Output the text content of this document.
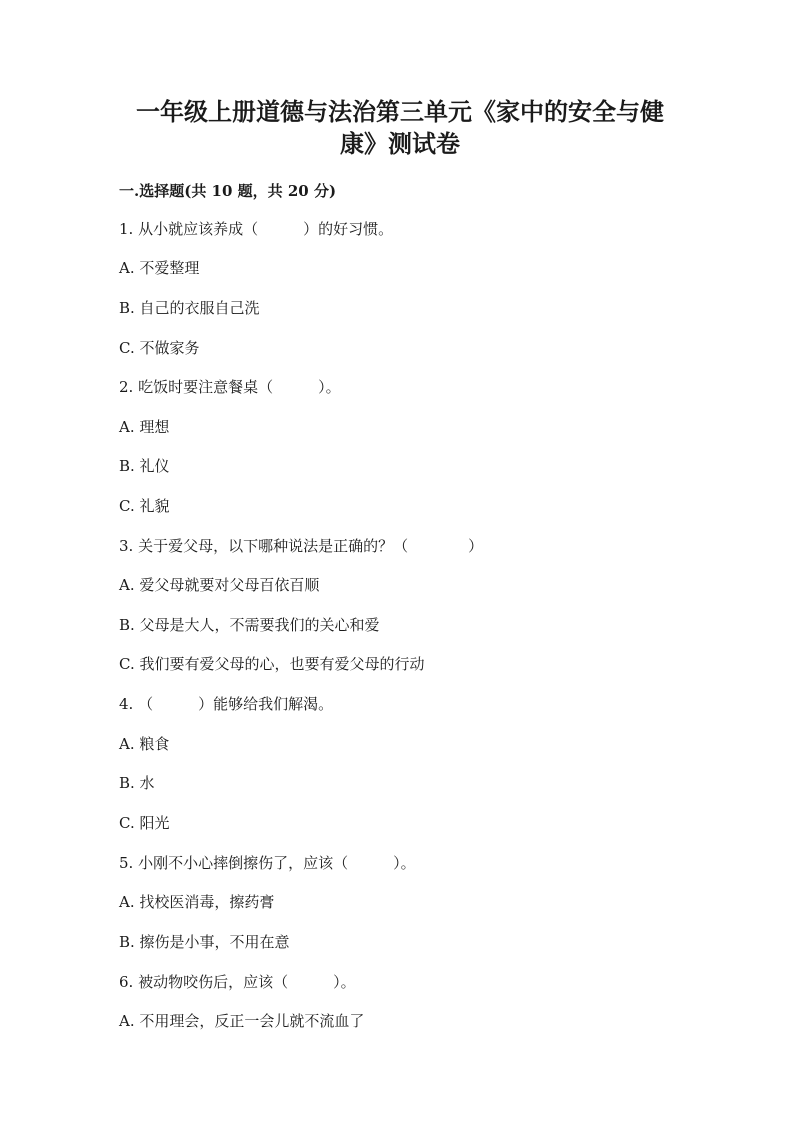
一年级上册道德与法治第三单元《家中的安全与健
康》测试卷
一.选择题(共 10 题，共 20 分)

1. 从小就应该养成（　　　）的好习惯。

A. 不爱整理

B. 自己的衣服自己洗

C. 不做家务

2. 吃饭时要注意餐桌（　　　）。

A. 理想

B. 礼仪

C. 礼貌

3. 关于爱父母，以下哪种说法是正确的？（　　　　）

A. 爱父母就要对父母百依百顺

B. 父母是大人，不需要我们的关心和爱

C. 我们要有爱父母的心，也要有爱父母的行动

4. （　　　）能够给我们解渴。

A. 粮食

B. 水

C. 阳光

5. 小刚不小心摔倒擦伤了，应该（　　　）。

A. 找校医消毒，擦药膏

B. 擦伤是小事，不用在意

6. 被动物咬伤后，应该（　　　）。

A. 不用理会，反正一会儿就不流血了
